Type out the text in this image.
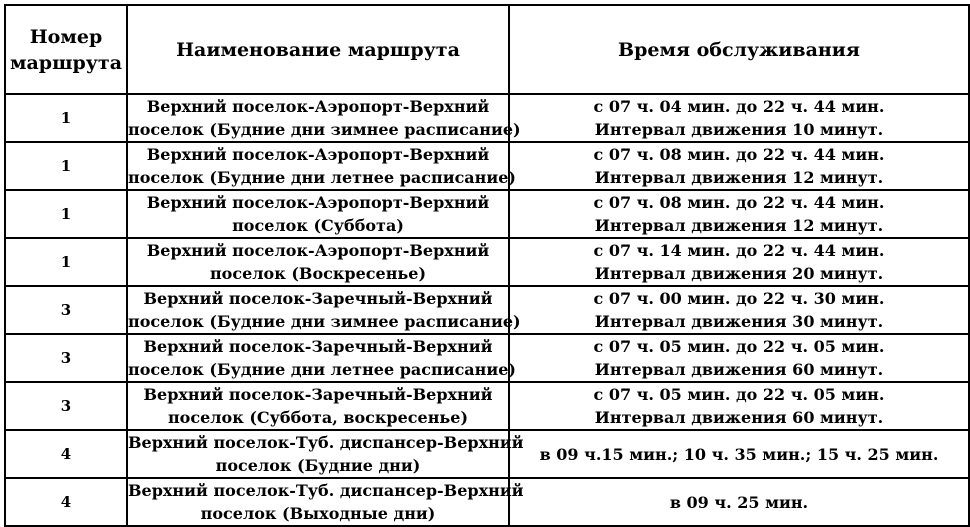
Номер
маршрута	Наименование маршрута	Время обслуживания
1	Верхний поселок-Аэропорт-Верхний
поселок (Будние дни зимнее расписание)	с 07 ч. 04 мин. до 22 ч. 44 мин.
Интервал движения 10 минут.

1	Верхний поселок-Аэропорт-Верхний
поселок (Будние дни летнее расписание)	с 07 ч. 08 мин. до 22 ч. 44 мин.
Интервал движения 12 минут.

1	Верхний поселок-Аэропорт-Верхний
поселок (Суббота)	с 07 ч. 08 мин. до 22 ч. 44 мин.
Интервал движения 12 минут.

1	Верхний поселок-Аэропорт-Верхний
поселок (Воскресенье)	с 07 ч. 14 мин. до 22 ч. 44 мин.
Интервал движения 20 минут.

3	Верхний поселок-Заречный-Верхний
поселок (Будние дни зимнее расписание)	с 07 ч. 00 мин. до 22 ч. 30 мин.
Интервал движения 30 минут.

3	Верхний поселок-Заречный-Верхний
поселок (Будние дни летнее расписание)	с 07 ч. 05 мин. до 22 ч. 05 мин.
Интервал движения 60 минут.

3	Верхний поселок-Заречный-Верхний
поселок (Суббота, воскресенье)	с 07 ч. 05 мин. до 22 ч. 05 мин.
Интервал движения 60 минут.

4	Верхний поселок-Туб. диспансер-Верхний
поселок (Будние дни)	в 09 ч.15 мин.; 10 ч. 35 мин.; 15 ч. 25 мин.

4	Верхний поселок-Туб. диспансер-Верхний
поселок (Выходные дни)	в 09 ч. 25 мин.
